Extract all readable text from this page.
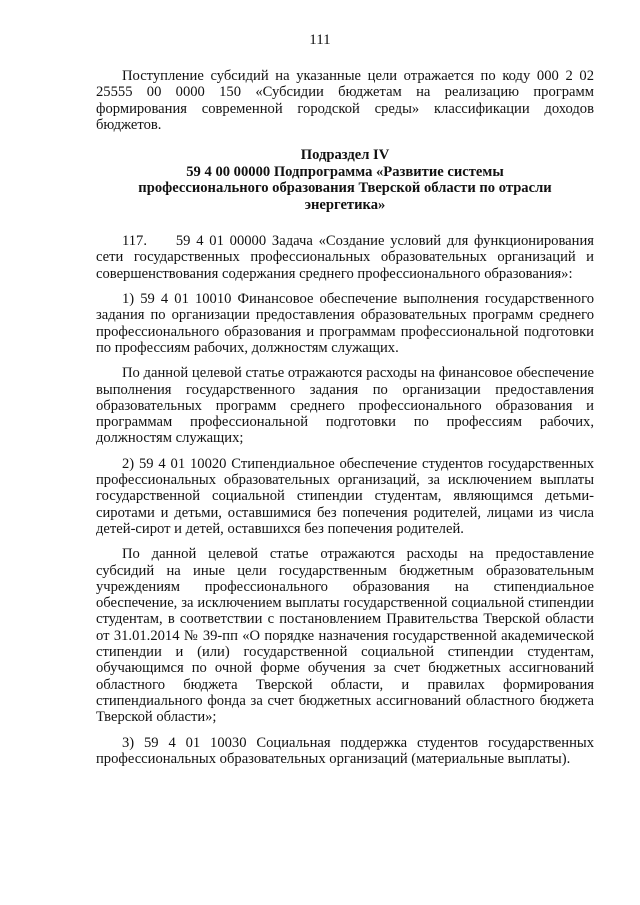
111

Поступление субсидий на указанные цели отражается по коду 000 2 02 25555 00 0000 150 «Субсидии бюджетам на реализацию программ формирования современной городской среды» классификации доходов бюджетов.

Подраздел IV
59 4 00 00000 Подпрограмма «Развитие системы
профессионального образования Тверской области по отрасли
энергетика»

117.     59 4 01 00000 Задача «Создание условий для функционирования сети государственных профессиональных образовательных организаций и совершенствования содержания среднего профессионального образования»:

1) 59 4 01 10010 Финансовое обеспечение выполнения государственного задания по организации предоставления образовательных программ среднего профессионального образования и программам профессиональной подготовки по профессиям рабочих, должностям служащих.

По данной целевой статье отражаются расходы на финансовое обеспечение выполнения государственного задания по организации предоставления образовательных программ среднего профессионального образования и программам профессиональной подготовки по профессиям рабочих, должностям служащих;

2) 59 4 01 10020 Стипендиальное обеспечение студентов государственных профессиональных образовательных организаций, за исключением выплаты государственной социальной стипендии студентам, являющимся детьми-сиротами и детьми, оставшимися без попечения родителей, лицами из числа детей-сирот и детей, оставшихся без попечения родителей.

По данной целевой статье отражаются расходы на предоставление субсидий на иные цели государственным бюджетным образовательным учреждениям профессионального образования на стипендиальное обеспечение, за исключением выплаты государственной социальной стипендии студентам, в соответствии с постановлением Правительства Тверской области от 31.01.2014 № 39-пп «О порядке назначения государственной академической стипендии и (или) государственной социальной стипендии студентам, обучающимся по очной форме обучения за счет бюджетных ассигнований областного бюджета Тверской области, и правилах формирования стипендиального фонда за счет бюджетных ассигнований областного бюджета Тверской области»;

3) 59 4 01 10030 Социальная поддержка студентов государственных профессиональных образовательных организаций (материальные выплаты).
